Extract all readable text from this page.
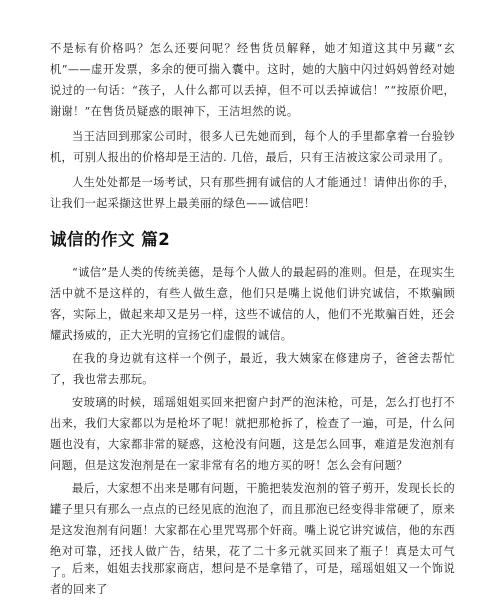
不是标有价格吗？怎么还要问呢？经售货员解释，她才知道这其中另藏“玄机”——虚开发票，多余的便可揣入囊中。这时，她的大脑中闪过妈妈曾经对她说过的一句话：“孩子，人什么都可以丢掉，但不可以丢掉诚信！”“按原价吧，谢谢！”在售货员疑惑的眼神下，王洁坦然的说。

当王洁回到那家公司时，很多人已先她而到，每个人的手里都拿着一台验钞机，可别人报出的价格却是王洁的. 几倍，最后，只有王洁被这家公司录用了。

人生处处都是一场考试，只有那些拥有诚信的人才能通过！请伸出你的手，让我们一起采撷这世界上最美丽的绿色——诚信吧！

诚信的作文 篇2

“诚信”是人类的传统美德，是每个人做人的最起码的准则。但是，在现实生活中就不是这样的，有些人做生意，他们只是嘴上说他们讲究诚信，不欺骗顾客，实际上，做起来却又是另一样，这些不诚信的人，他们不光欺骗百姓，还会耀武扬威的，正大光明的宣扬它们虚假的诚信。

在我的身边就有这样一个例子，最近，我大姨家在修建房子，爸爸去帮忙了，我也常去那玩。

安玻璃的时候，瑶瑶姐姐买回来把窗户封严的泡沫枪，可是，怎么打也打不出来，我们大家都以为是枪坏了呢！就把那枪拆了，检查了一遍，可是，什么问题也没有，大家都非常的疑惑，这枪没有问题，这是怎么回事，难道是发泡剂有问题，但是这发泡剂是在一家非常有名的地方买的呀！怎么会有问题？

最后，大家想不出来是哪有问题，干脆把装发泡剂的管子剪开，发现长长的罐子里只有那么一点点的已经见底的泡泡了，而且那泡已经变得非常硬了，原来是这发泡剂有问题！大家都在心里咒骂那个奸商。嘴上说它讲究诚信，他的东西绝对可靠，还找人做广告，结果，花了二十多元就买回来了瓶子！真是太可气了。

后来，姐姐去找那家商店，想问是不是拿错了，可是，瑶瑶姐姐又一个饰说者的回来了
